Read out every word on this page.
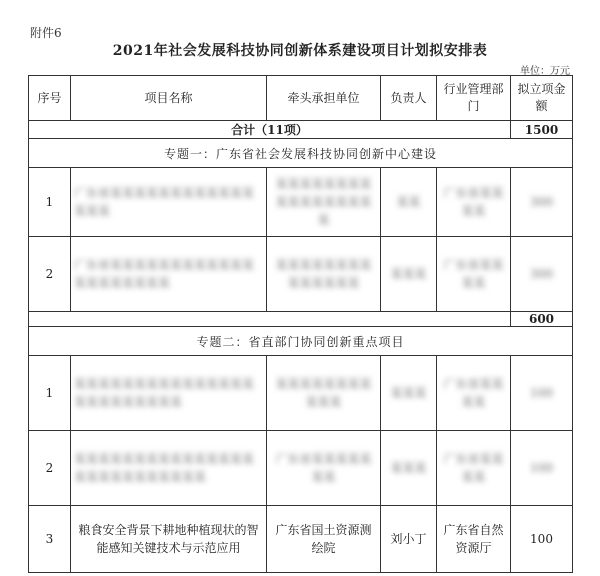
附件6
2021年社会发展科技协同创新体系建设项目计划拟安排表
单位：万元
序号	项目名称	牵头承担单位	负责人	行业管理部门	拟立项金额
合计（11项）					1500
专题一：广东省社会发展科技协同创新中心建设					
1	广东省某某某某某某某某某某某某某某某	某某某某某某某某某某某某某某某某某	某某	广东省某某某某	300
2	广东省某某某某某某某某某某某某某某某某某某某某	某某某某某某某某某某某某某某	某某某	广东省某某某某	300
					600
专题二：省直部门协同创新重点项目					
1	某某某某某某某某某某某某某某某某某某某某某某某某	某某某某某某某某某某某	某某某	广东省某某某某	100
2	某某某某某某某某某某某某某某某某某某某某某某某某某某	广东省某某某某某某某	某某某	广东省某某某某	100
3	粮食安全背景下耕地种植现状的智能感知关键技术与示范应用	广东省国土资源测绘院	刘小丁	广东省自然资源厅	100
